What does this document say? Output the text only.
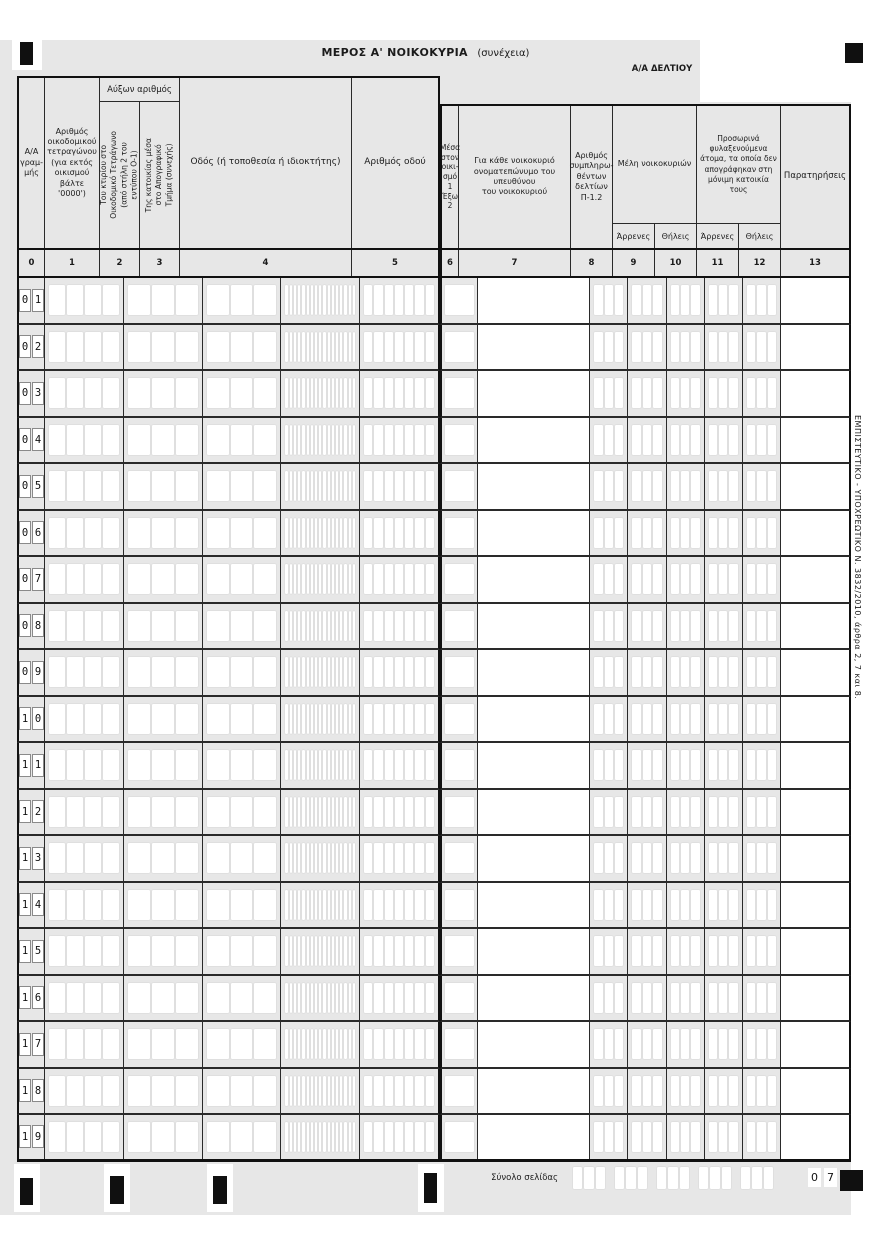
ΜΕΡΟΣ Α' ΝΟΙΚΟΚΥΡΙΑ (συνέχεια)
Α/Α ΔΕΛΤΙΟΥ
ΕΜΠΙΣΤΕΥΤΙΚΟ - ΥΠΟΧΡΕΩΤΙΚΟ Ν. 3832/2010, άρθρα 2, 7 και 8.
Α/Α
γραμ-
μής
Αριθμός
οικοδομικού
τετραγώνου
(για εκτός
οικισμού
βάλτε '0000')
Αύξων αριθμός
Του κτιρίου στο
Οικοδομικό Τετράγωνο
(από στήλη 2 του
εντύπου Ο-1)
Της κατοικίας μέσα
στο Απογραφικό
Τμήμα (συνεχής)	Οδός (ή τοποθεσία ή ιδιοκτήτης)	Αριθμός οδού
Μέσα
στον
οικι-
σμό
1
Έξω
2
Για κάθε νοικοκυριό
ονοματεπώνυμο του υπευθύνου
του νοικοκυριού
Αριθμός
συμπληρω-
θέντων
δελτίων
Π-1.2
Μέλη νοικοκυριών
Άρρενες	Θήλεις
Προσωρινά
φυλαξενούμενα
άτομα, τα οποία δεν
απογράφηκαν στη
μόνιμη κατοικία τους
Άρρενες	Θήλεις
Παρατηρήσεις
0	1	2	3	4	5	6	7	8	9	10	11	12	13
0 1
0 2
0 3
0 4
0 5
0 6
0 7
0 8
0 9
1 0
1 1
1 2
1 3
1 4
1 5
1 6
1 7
1 8
1 9
Σύνολο σελίδας	0 7
